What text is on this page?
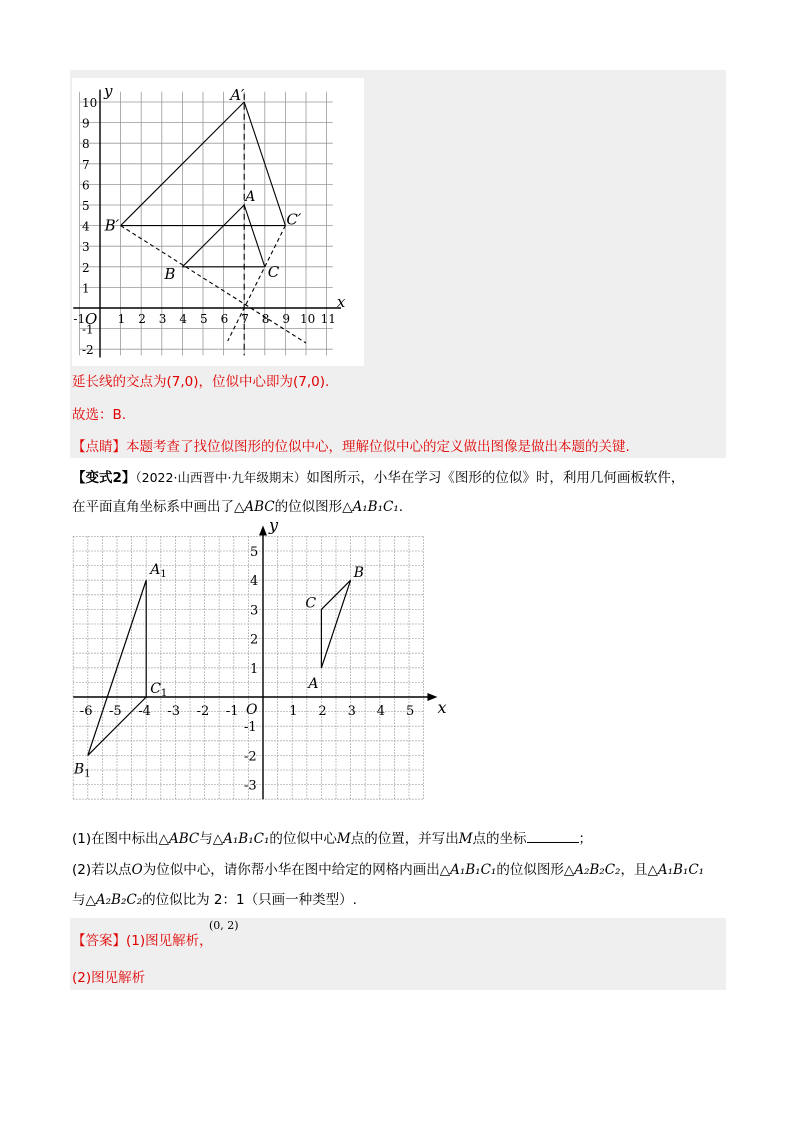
x
y
O
-1	1 2 3 4 5 6 7 8 9 10 11
10
9
8
7
6
5
4
3
2
1
-1
-2
A
B	C
A′
B′	C′
延长线的交点为(7,0)，位似中心即为(7,0).
故选：B.
【点睛】本题考查了找位似图形的位似中心，理解位似中心的定义做出图像是做出本题的关键.
【变式2】（2022·山西晋中·九年级期末）如图所示，小华在学习《图形的位似》时，利用几何画板软件，
在平面直角坐标系中画出了△ABC的位似图形△A₁B₁C₁.
x
y
O
-6 -5 -4 -3 -2 -1	1 2 3 4 5
5
4
3
2
1
-1
-2
-3
A
B
C
$A_1$
$B_1$
$C_1$
(1)在图中标出△ABC与△A₁B₁C₁的位似中心M点的位置，并写出M点的坐标	；
(2)若以点O为位似中心，请你帮小华在图中给定的网格内画出△A₁B₁C₁的位似图形△A₂B₂C₂，且△A₁B₁C₁
与△A₂B₂C₂的位似比为 2：1（只画一种类型）.
【答案】(1)图见解析，
(0, 2)
(2)图见解析
